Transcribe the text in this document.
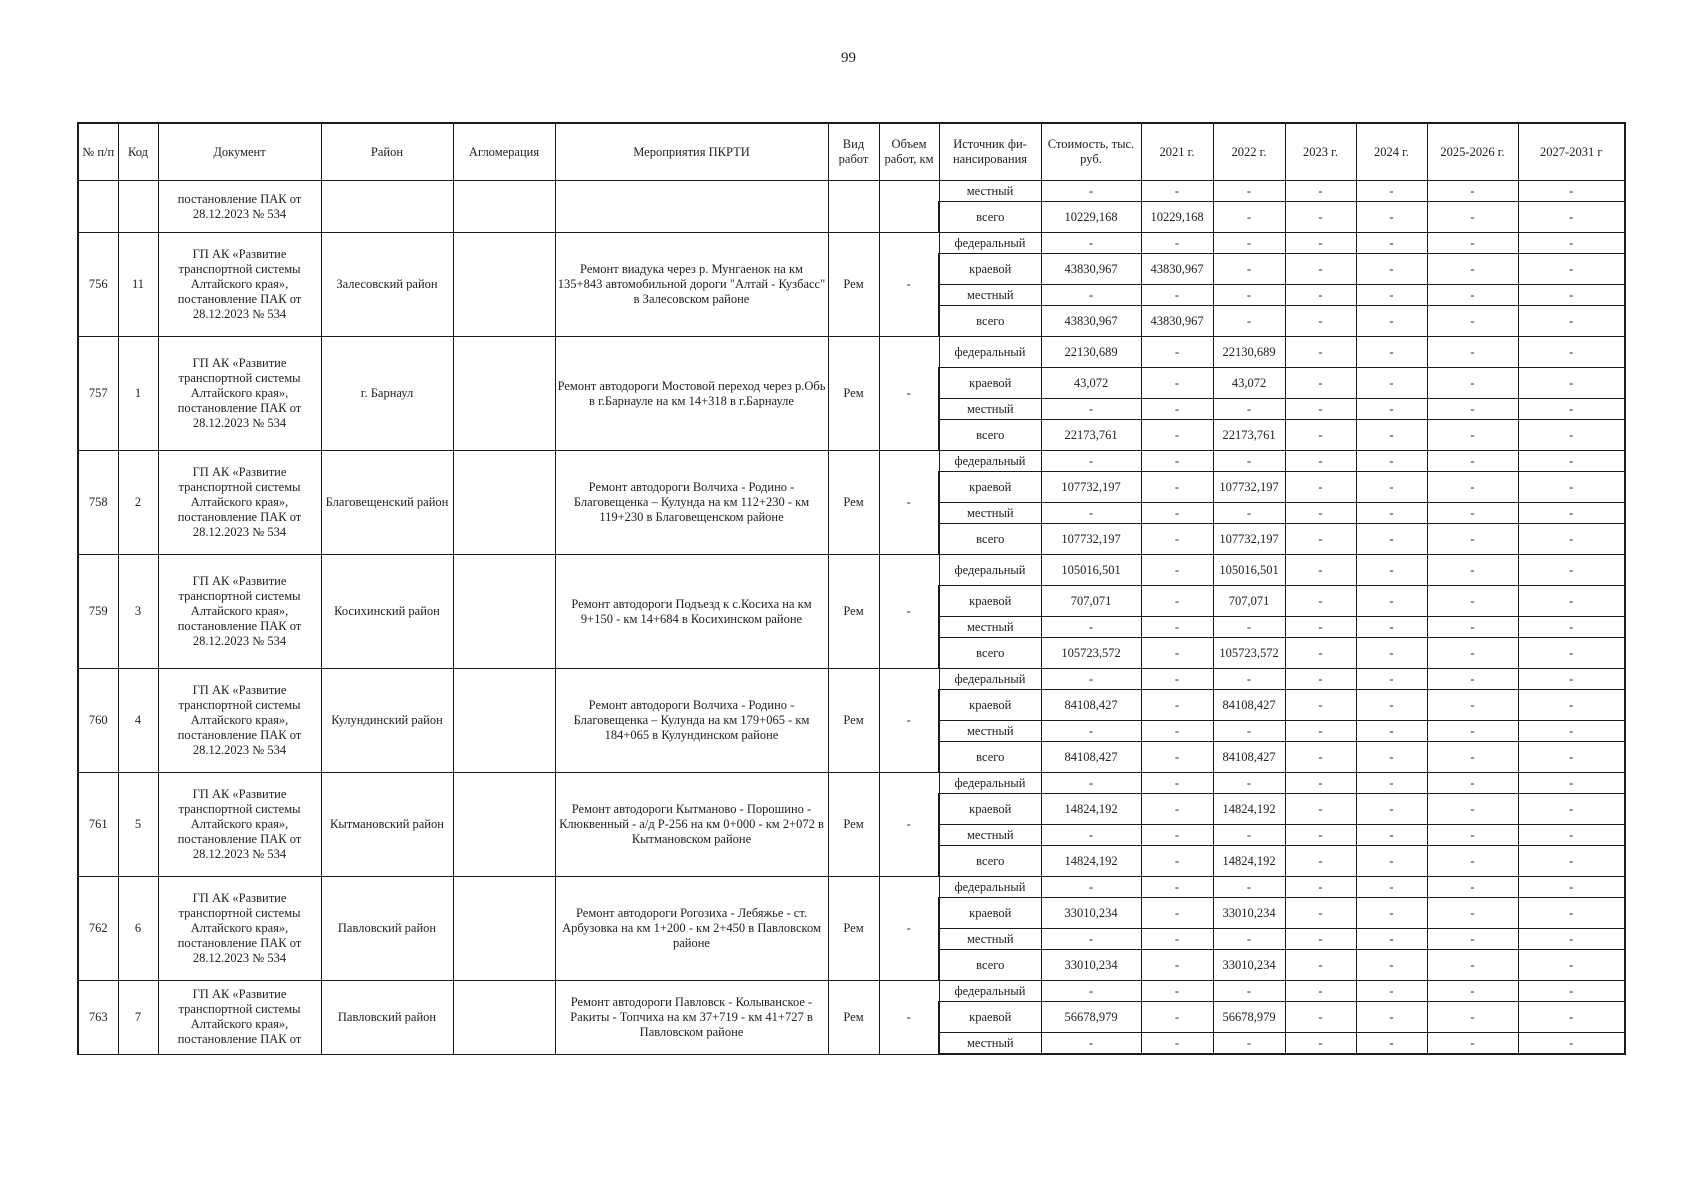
99
№ п/п	Код	Документ	Район	Агломерация	Мероприятия ПКРТИ	Вид работ	Объем работ, км	Источник фи-нансирования	Стоимость, тыс. руб.	2021 г.	2022 г.	2023 г.	2024 г.	2025-2026 г.	2027-2031 г
		постановление ПАК от 28.12.2023 № 534						местный	-	-	-	-	-	-	-
								всего	10229,168	10229,168	-	-	-	-	-
756	11	ГП АК «Развитие транспортной системы Алтайского края», постановление ПАК от 28.12.2023 № 534	Залесовский район		Ремонт виадука через р. Мунгаенок на км 135+843 автомобильной дороги "Алтай - Кузбасс" в Залесовском районе	Рем	-	федеральный	-	-	-	-	-	-	-
								краевой	43830,967	43830,967	-	-	-	-	-
								местный	-	-	-	-	-	-	-
								всего	43830,967	43830,967	-	-	-	-	-
757	1	ГП АК «Развитие транспортной системы Алтайского края», постановление ПАК от 28.12.2023 № 534	г. Барнаул		Ремонт автодороги Мостовой переход через р.Обь в г.Барнауле на км 14+318 в г.Барнауле	Рем	-	федеральный	22130,689	-	22130,689	-	-	-	-
								краевой	43,072	-	43,072	-	-	-	-
								местный	-	-	-	-	-	-	-
								всего	22173,761	-	22173,761	-	-	-	-
758	2	ГП АК «Развитие транспортной системы Алтайского края», постановление ПАК от 28.12.2023 № 534	Благовещенский район		Ремонт автодороги Волчиха - Родино - Благовещенка – Кулунда на км 112+230 - км 119+230 в Благовещенском районе	Рем	-	федеральный	-	-	-	-	-	-	-
								краевой	107732,197	-	107732,197	-	-	-	-
								местный	-	-	-	-	-	-	-
								всего	107732,197	-	107732,197	-	-	-	-
759	3	ГП АК «Развитие транспортной системы Алтайского края», постановление ПАК от 28.12.2023 № 534	Косихинский район		Ремонт автодороги Подъезд к с.Косиха на км 9+150 - км 14+684 в Косихинском районе	Рем	-	федеральный	105016,501	-	105016,501	-	-	-	-
								краевой	707,071	-	707,071	-	-	-	-
								местный	-	-	-	-	-	-	-
								всего	105723,572	-	105723,572	-	-	-	-
760	4	ГП АК «Развитие транспортной системы Алтайского края», постановление ПАК от 28.12.2023 № 534	Кулундинский район		Ремонт автодороги Волчиха - Родино - Благовещенка – Кулунда на км 179+065 - км 184+065 в Кулундинском районе	Рем	-	федеральный	-	-	-	-	-	-	-
								краевой	84108,427	-	84108,427	-	-	-	-
								местный	-	-	-	-	-	-	-
								всего	84108,427	-	84108,427	-	-	-	-
761	5	ГП АК «Развитие транспортной системы Алтайского края», постановление ПАК от 28.12.2023 № 534	Кытмановский район		Ремонт автодороги Кытманово - Порошино - Клюквенный - а/д Р-256 на км 0+000 - км 2+072 в Кытмановском районе	Рем	-	федеральный	-	-	-	-	-	-	-
								краевой	14824,192	-	14824,192	-	-	-	-
								местный	-	-	-	-	-	-	-
								всего	14824,192	-	14824,192	-	-	-	-
762	6	ГП АК «Развитие транспортной системы Алтайского края», постановление ПАК от 28.12.2023 № 534	Павловский район		Ремонт автодороги Рогозиха - Лебяжье - ст. Арбузовка на км 1+200 - км 2+450 в Павловском районе	Рем	-	федеральный	-	-	-	-	-	-	-
								краевой	33010,234	-	33010,234	-	-	-	-
								местный	-	-	-	-	-	-	-
								всего	33010,234	-	33010,234	-	-	-	-
763	7	ГП АК «Развитие транспортной системы Алтайского края», постановление ПАК от	Павловский район		Ремонт автодороги Павловск - Колыванское - Ракиты - Топчиха на км 37+719 - км 41+727 в Павловском районе	Рем	-	федеральный	-	-	-	-	-	-	-
								краевой	56678,979	-	56678,979	-	-	-	-
								местный	-	-	-	-	-	-	-
